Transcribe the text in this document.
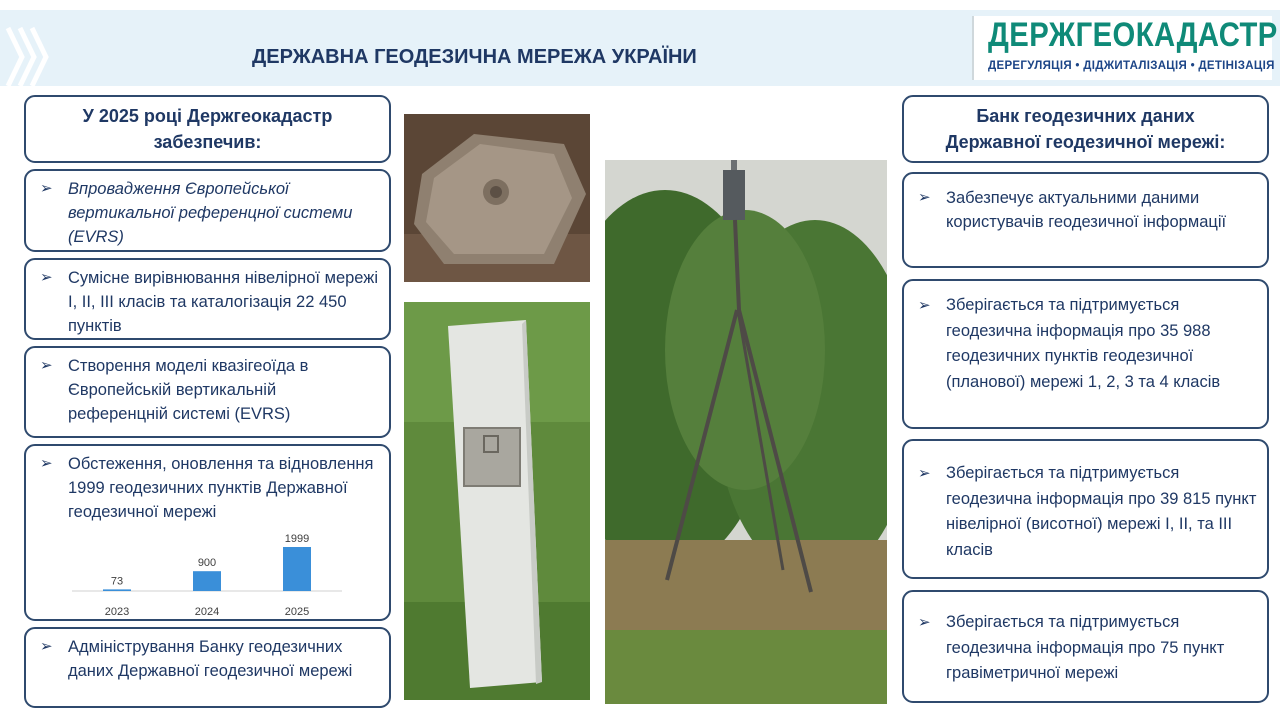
ДЕРЖАВНА ГЕОДЕЗИЧНА МЕРЕЖА УКРАЇНИ
ДЕРЖГЕОКАДАСТР
ДЕРЕГУЛЯЦІЯ • ДІДЖИТАЛІЗАЦІЯ • ДЕТІНІЗАЦІЯ
У 2025 році Держгеокадастр
забезпечив:
➢ Впровадження Європейської вертикальної референцної системи (EVRS)
➢ Сумісне вирівнювання нівелірної мережі І, ІІ, ІІІ класів та каталогізація 22 450 пунктів
➢ Створення моделі квазігеоїда в Європейській вертикальній референцній системі (EVRS)
➢ Обстеження, оновлення та відновлення 1999 геодезичних пунктів Державної геодезичної мережі
73
2023
900
2024
1999
2025
➢ Адміністрування Банку геодезичних даних Державної геодезичної мережі
Банк геодезичних даних
Державної геодезичної мережі:
➢ Забезпечує актуальними даними користувачів геодезичної інформації
➢ Зберігається та підтримується геодезична інформація про 35 988 геодезичних пунктів геодезичної (планової) мережі 1, 2, 3 та 4 класів
➢ Зберігається та підтримується геодезична інформація про 39 815 пункт нівелірної (висотної) мережі І, ІІ, та ІІІ класів
➢ Зберігається та підтримується геодезична інформація про 75 пункт гравіметричної мережі
